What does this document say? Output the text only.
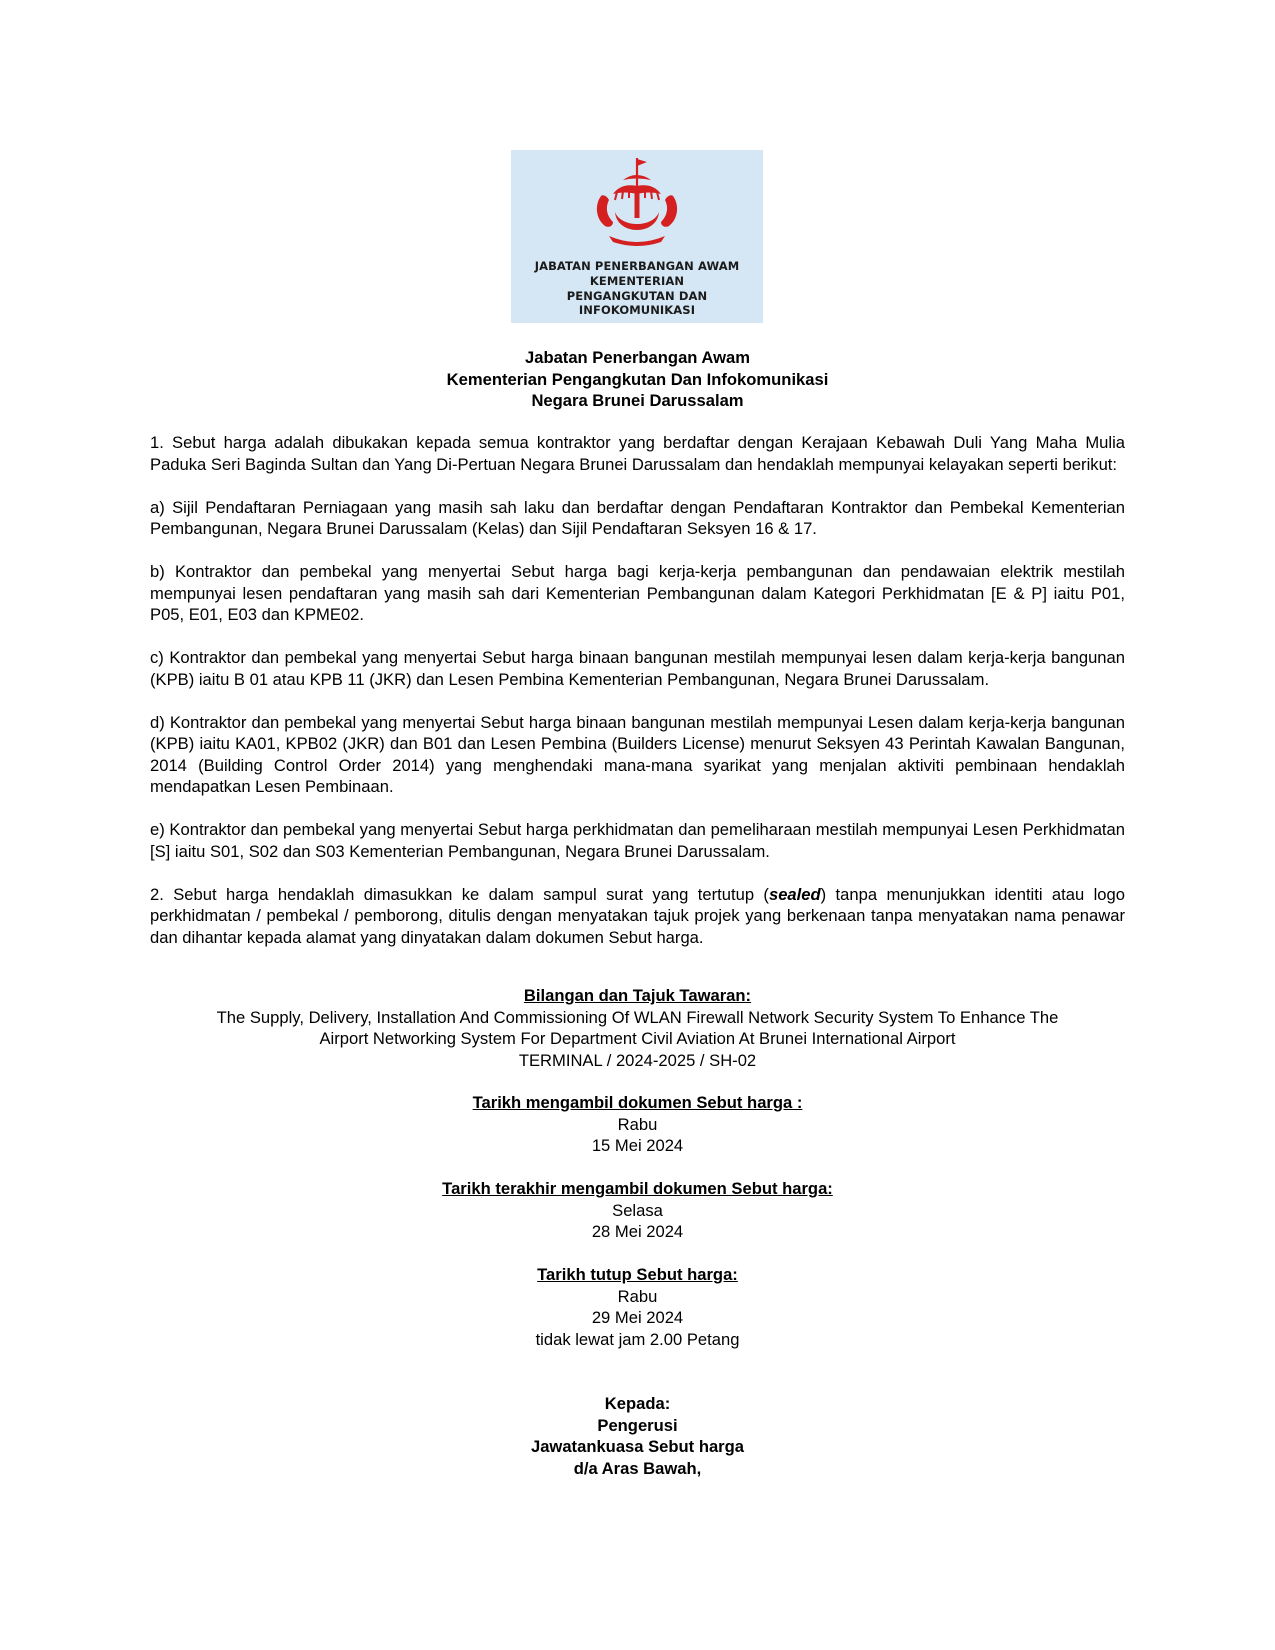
JABATAN PENERBANGAN AWAM
KEMENTERIAN
PENGANGKUTAN DAN
INFOKOMUNIKASI
Jabatan Penerbangan Awam
Kementerian Pengangkutan Dan Infokomunikasi
Negara Brunei Darussalam

1. Sebut harga adalah dibukakan kepada semua kontraktor yang berdaftar dengan Kerajaan Kebawah Duli Yang Maha Mulia Paduka Seri Baginda Sultan dan Yang Di-Pertuan Negara Brunei Darussalam dan hendaklah mempunyai kelayakan seperti berikut:

a) Sijil Pendaftaran Perniagaan yang masih sah laku dan berdaftar dengan Pendaftaran Kontraktor dan Pembekal Kementerian Pembangunan, Negara Brunei Darussalam (Kelas) dan Sijil Pendaftaran Seksyen 16 & 17.

b) Kontraktor dan pembekal yang menyertai Sebut harga bagi kerja-kerja pembangunan dan pendawaian elektrik mestilah mempunyai lesen pendaftaran yang masih sah dari Kementerian Pembangunan dalam Kategori Perkhidmatan [E & P] iaitu P01, P05, E01, E03 dan KPME02.

c) Kontraktor dan pembekal yang menyertai Sebut harga binaan bangunan mestilah mempunyai lesen dalam kerja-kerja bangunan (KPB) iaitu B 01 atau KPB 11 (JKR) dan Lesen Pembina Kementerian Pembangunan, Negara Brunei Darussalam.

d) Kontraktor dan pembekal yang menyertai Sebut harga binaan bangunan mestilah mempunyai Lesen dalam kerja-kerja bangunan (KPB) iaitu KA01, KPB02 (JKR) dan B01 dan Lesen Pembina (Builders License) menurut Seksyen 43 Perintah Kawalan Bangunan, 2014 (Building Control Order 2014) yang menghendaki mana-mana syarikat yang menjalan aktiviti pembinaan hendaklah mendapatkan Lesen Pembinaan.

e) Kontraktor dan pembekal yang menyertai Sebut harga perkhidmatan dan pemeliharaan mestilah mempunyai Lesen Perkhidmatan [S] iaitu S01, S02 dan S03 Kementerian Pembangunan, Negara Brunei Darussalam.

2. Sebut harga hendaklah dimasukkan ke dalam sampul surat yang tertutup (sealed) tanpa menunjukkan identiti atau logo perkhidmatan / pembekal / pemborong, ditulis dengan menyatakan tajuk projek yang berkenaan tanpa menyatakan nama penawar dan dihantar kepada alamat yang dinyatakan dalam dokumen Sebut harga.

Bilangan dan Tajuk Tawaran:
The Supply, Delivery, Installation And Commissioning Of WLAN Firewall Network Security System To Enhance The
Airport Networking System For Department Civil Aviation At Brunei International Airport
TERMINAL / 2024-2025 / SH-02
Tarikh mengambil dokumen Sebut harga :
Rabu
15 Mei 2024
Tarikh terakhir mengambil dokumen Sebut harga:
Selasa
28 Mei 2024
Tarikh tutup Sebut harga:
Rabu
29 Mei 2024
tidak lewat jam 2.00 Petang
Kepada:
Pengerusi
Jawatankuasa Sebut harga
d/a Aras Bawah,
